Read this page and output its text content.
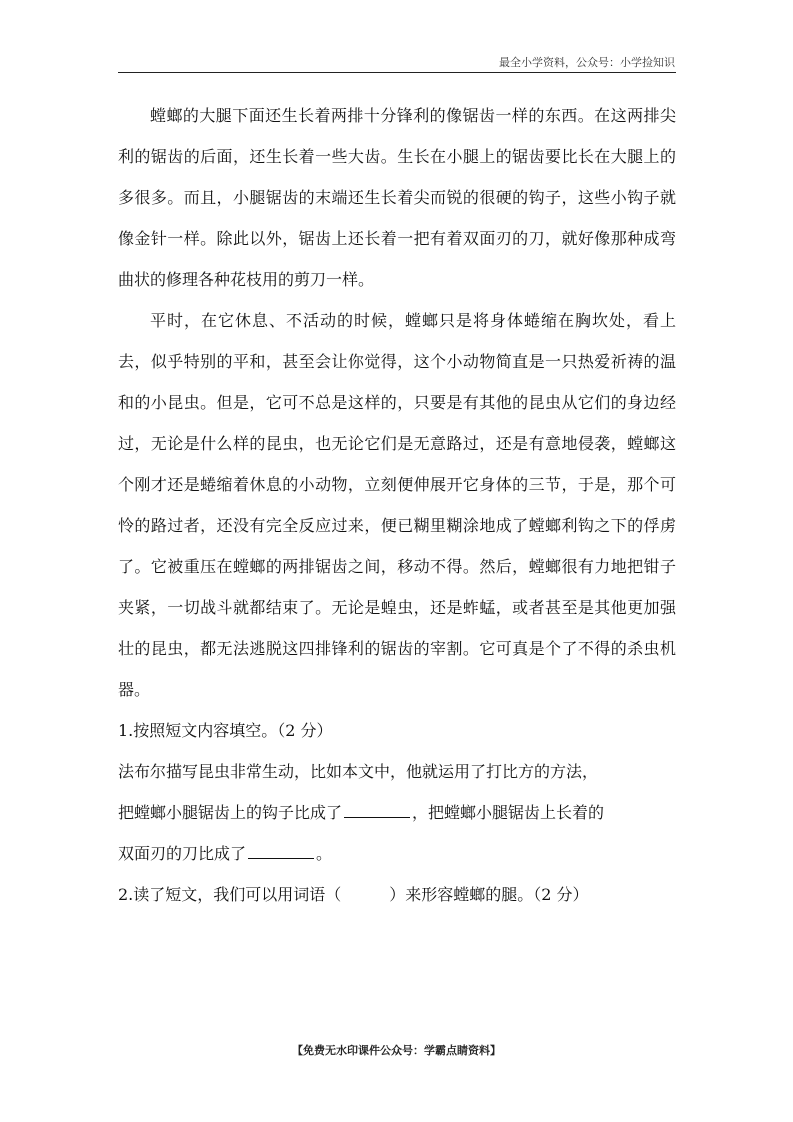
最全小学资料，公众号：小学捡知识

螳螂的大腿下面还生长着两排十分锋利的像锯齿一样的东西。在这两排尖利的锯齿的后面，还生长着一些大齿。生长在小腿上的锯齿要比长在大腿上的多很多。而且，小腿锯齿的末端还生长着尖而锐的很硬的钩子，这些小钩子就像金针一样。除此以外，锯齿上还长着一把有着双面刃的刀，就好像那种成弯曲状的修理各种花枝用的剪刀一样。

平时，在它休息、不活动的时候，螳螂只是将身体蜷缩在胸坎处，看上去，似乎特别的平和，甚至会让你觉得，这个小动物简直是一只热爱祈祷的温和的小昆虫。但是，它可不总是这样的，只要是有其他的昆虫从它们的身边经过，无论是什么样的昆虫，也无论它们是无意路过，还是有意地侵袭，螳螂这个刚才还是蜷缩着休息的小动物，立刻便伸展开它身体的三节，于是，那个可怜的路过者，还没有完全反应过来，便已糊里糊涂地成了螳螂利钩之下的俘虏了。它被重压在螳螂的两排锯齿之间，移动不得。然后，螳螂很有力地把钳子夹紧，一切战斗就都结束了。无论是蝗虫，还是蚱蜢，或者甚至是其他更加强壮的昆虫，都无法逃脱这四排锋利的锯齿的宰割。它可真是个了不得的杀虫机器。

1.按照短文内容填空。（2 分）

法布尔描写昆虫非常生动，比如本文中，他就运用了打比方的方法，

把螳螂小腿锯齿上的钩子比成了	，把螳螂小腿锯齿上长着的

双面刃的刀比成了	。

2.读了短文，我们可以用词语（　　　）来形容螳螂的腿。（2 分）

【免费无水印课件公众号：学霸点睛资料】
